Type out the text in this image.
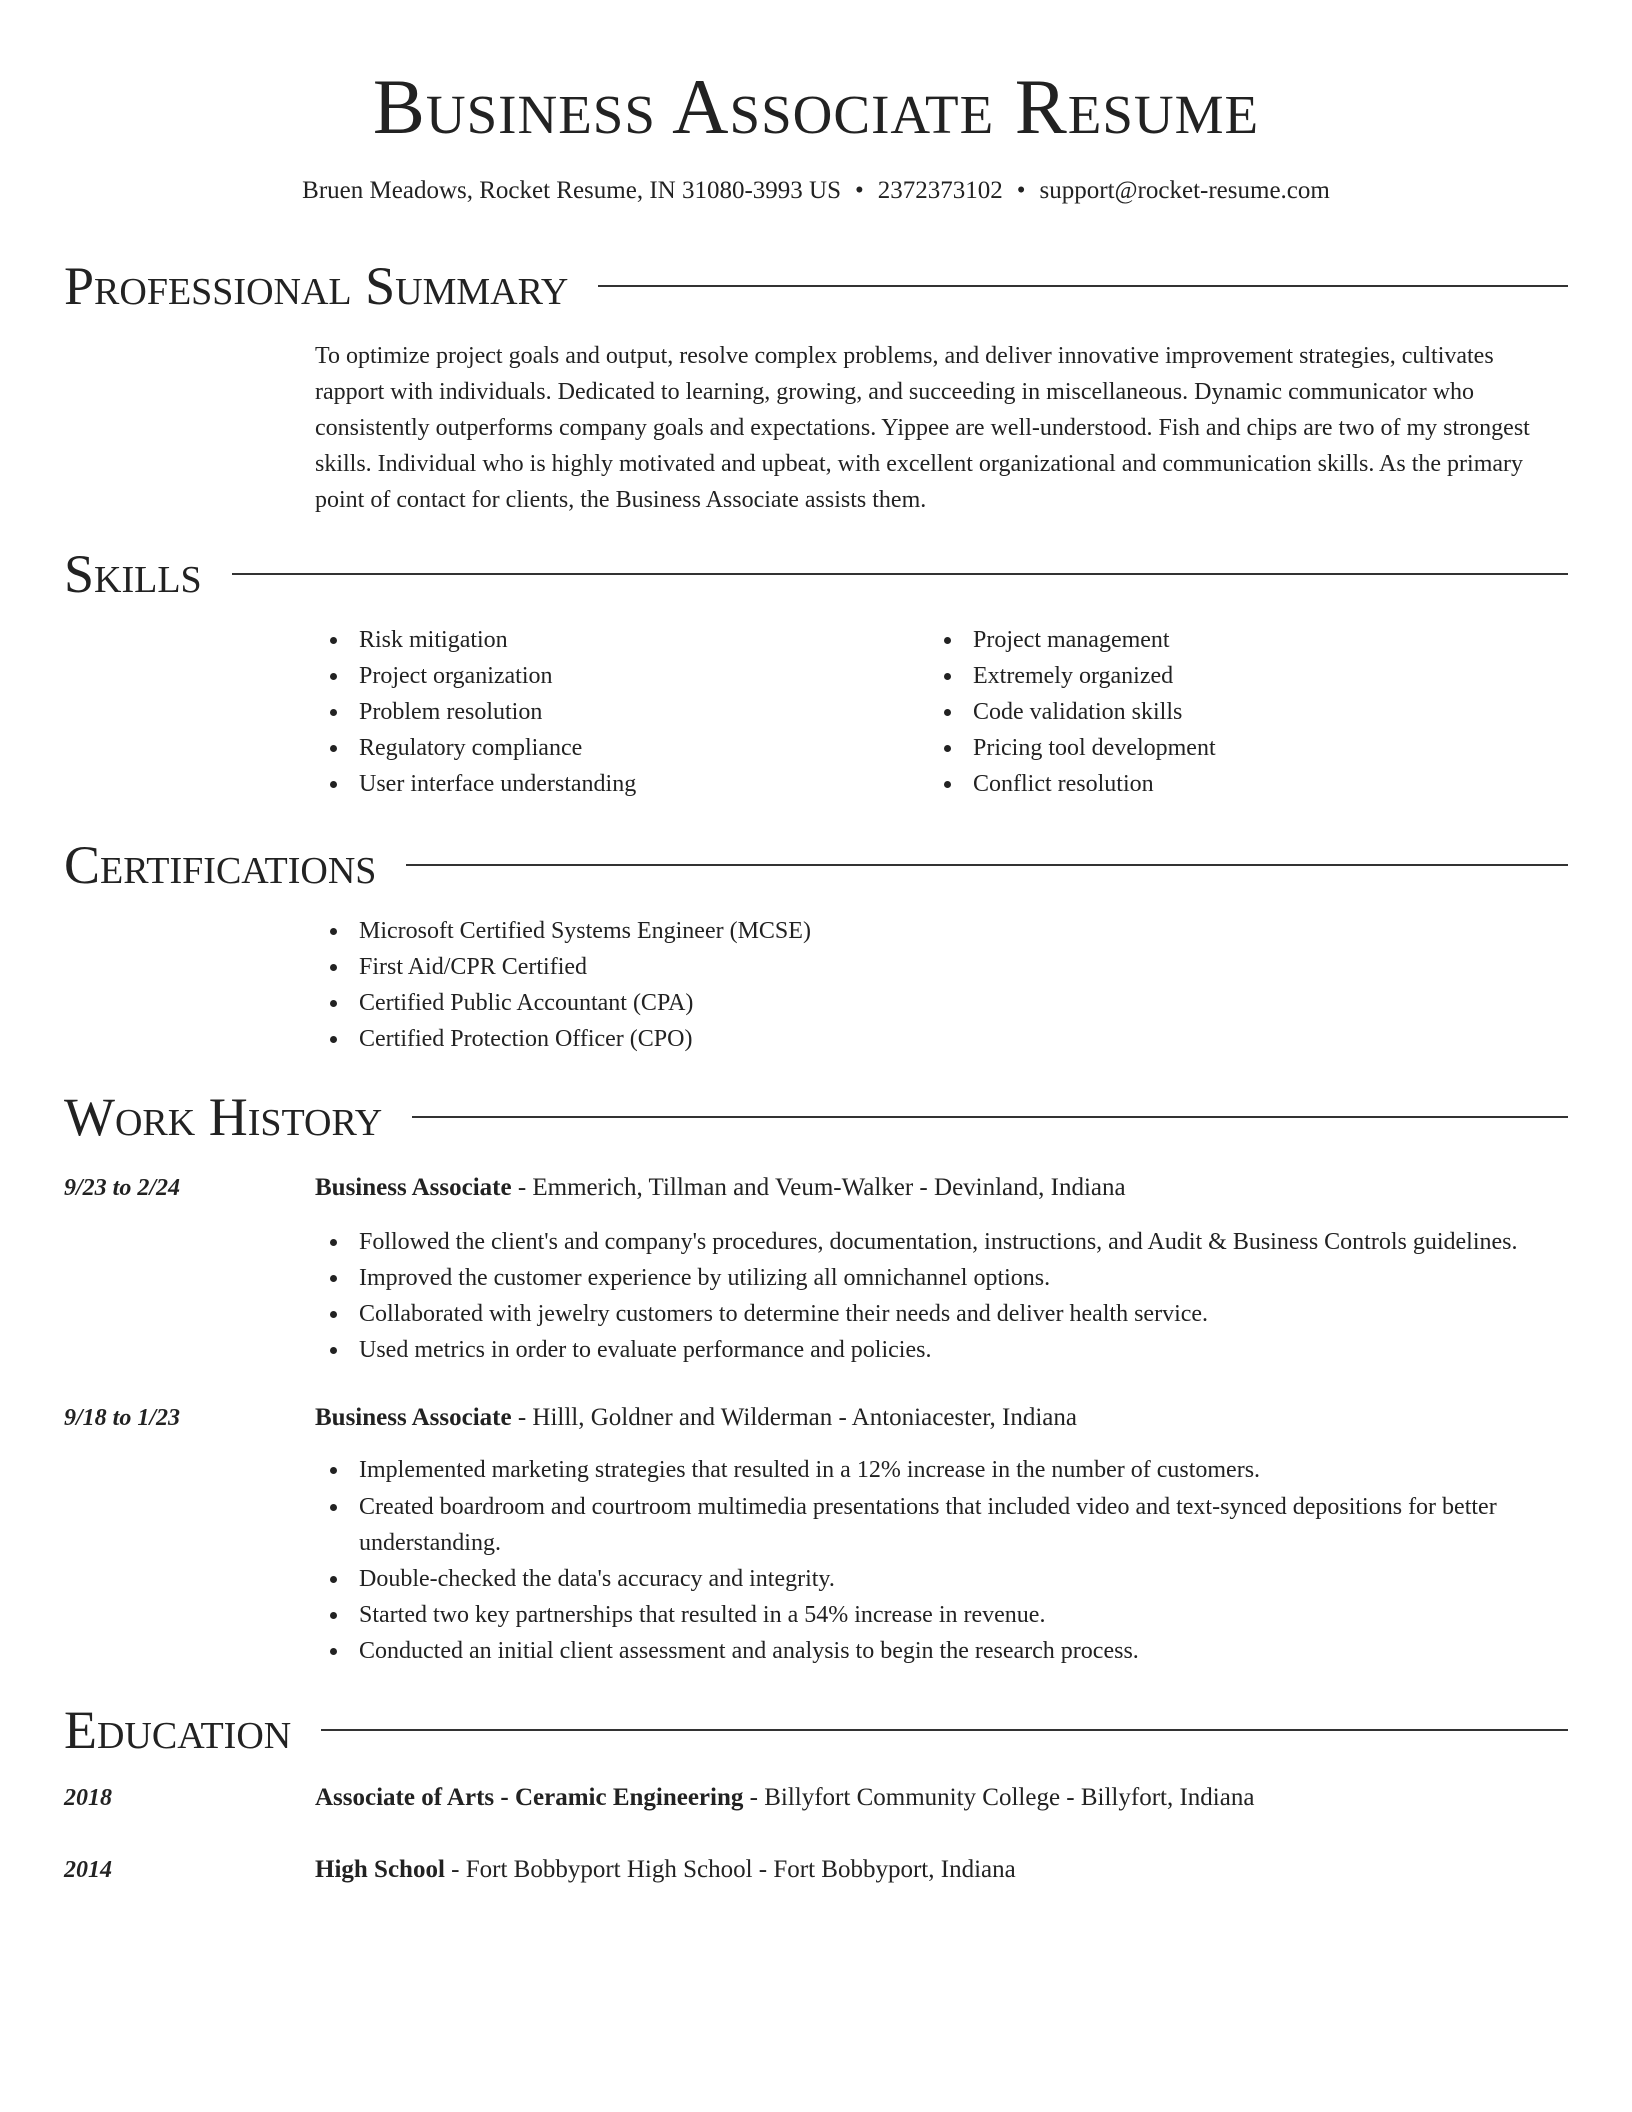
Business Associate Resume
Bruen Meadows, Rocket Resume, IN 31080-3993 US • 2372373102 • support@rocket-resume.com
Professional Summary

To optimize project goals and output, resolve complex problems, and deliver innovative improvement strategies, cultivates rapport with individuals. Dedicated to learning, growing, and succeeding in miscellaneous. Dynamic communicator who consistently outperforms company goals and expectations. Yippee are well-understood. Fish and chips are two of my strongest skills. Individual who is highly motivated and upbeat, with excellent organizational and communication skills. As the primary point of contact for clients, the Business Associate assists them.

Skills
Risk mitigation
Project organization
Problem resolution
Regulatory compliance
User interface understanding
Project management
Extremely organized
Code validation skills
Pricing tool development
Conflict resolution
Certifications
Microsoft Certified Systems Engineer (MCSE)
First Aid/CPR Certified
Certified Public Accountant (CPA)
Certified Protection Officer (CPO)
Work History
9/23 to 2/24	Business Associate - Emmerich, Tillman and Veum-Walker - Devinland, Indiana
Followed the client's and company's procedures, documentation, instructions, and Audit & Business Controls guidelines.
Improved the customer experience by utilizing all omnichannel options.
Collaborated with jewelry customers to determine their needs and deliver health service.
Used metrics in order to evaluate performance and policies.
9/18 to 1/23	Business Associate - Hilll, Goldner and Wilderman - Antoniacester, Indiana
Implemented marketing strategies that resulted in a 12% increase in the number of customers.
Created boardroom and courtroom multimedia presentations that included video and text-synced depositions for better understanding.
Double-checked the data's accuracy and integrity.
Started two key partnerships that resulted in a 54% increase in revenue.
Conducted an initial client assessment and analysis to begin the research process.
Education
2018	Associate of Arts - Ceramic Engineering - Billyfort Community College - Billyfort, Indiana
2014	High School - Fort Bobbyport High School - Fort Bobbyport, Indiana
